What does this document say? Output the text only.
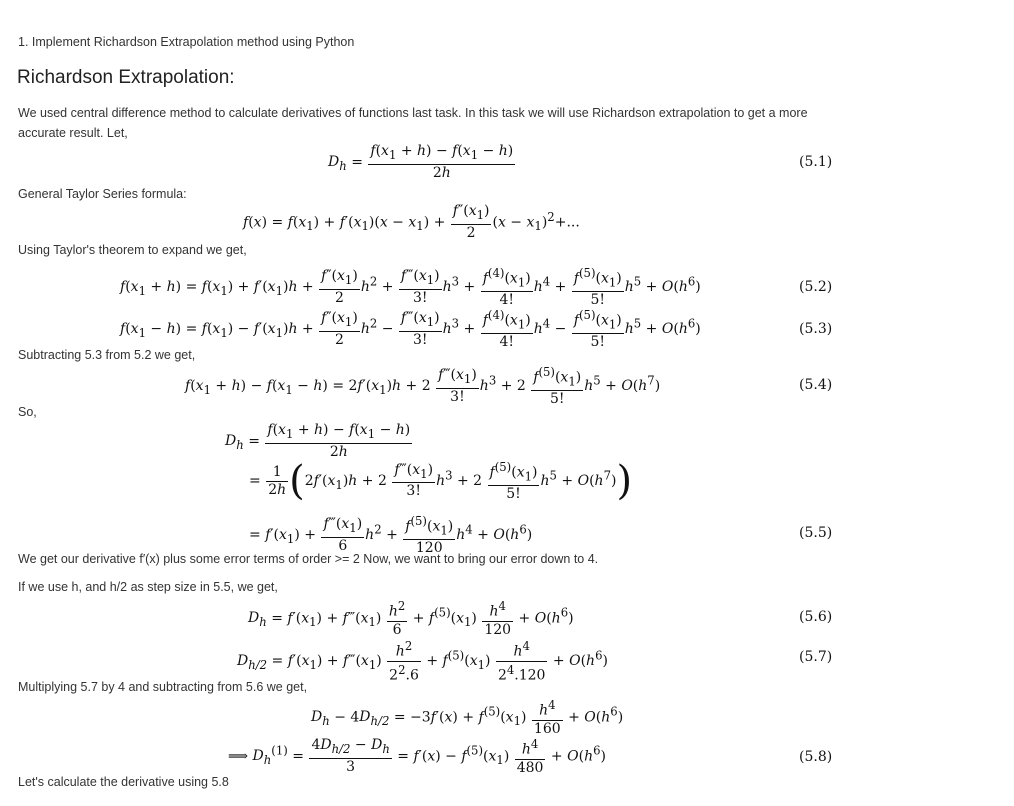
1. Implement Richardson Extrapolation method using Python
Richardson Extrapolation:
We used central difference method to calculate derivatives of functions last task. In this task we will use Richardson extrapolation to get a more accurate result. Let,
$D_h = \frac{f(x_1 + h) - f(x_1 - h)}{2h}$	(5.1)
General Taylor Series formula:
$f(x) = f(x_1) + f'(x_1)(x - x_1) + \frac{f''(x_1)}{2} (x - x_1)^2+$...
Using Taylor's theorem to expand we get,
$f(x_1 + h) = f(x_1) + f'(x_1)h + \frac{f''(x_1)}{2} h^2 + \frac{f‴(x_1)}{3!} h^3 + \frac{f^{(4)}(x_1)}{4!} h^4 + \frac{f^{(5)}(x_1)}{5!} h^5 + O(h^6)$	(5.2)
$f(x_1 - h) = f(x_1) - f'(x_1)h + \frac{f''(x_1)}{2} h^2 - \frac{f‴(x_1)}{3!} h^3 + \frac{f^{(4)}(x_1)}{4!} h^4 - \frac{f^{(5)}(x_1)}{5!} h^5 + O(h^6)$	(5.3)
Subtracting 5.3 from 5.2 we get,
$f(x_1 + h) - f(x_1 - h) = 2f'(x_1)h + 2 \frac{f‴(x_1)}{3!} h^3 + 2 \frac{f^{(5)}(x_1)}{5!} h^5 + O(h^7)$	(5.4)
So,
$D_h = \frac{f(x_1 + h) - f(x_1 - h)}{2h}$
= $\frac{1}{2h} (2f'(x_1)h + 2 \frac{f‴(x_1)}{3!} h^3 + 2 \frac{f^{(5)}(x_1)}{5!} h^5 + O(h^7))$
= $f'(x_1) + \frac{f‴(x_1)}{6} h^2 + \frac{f^{(5)}(x_1)}{120} h^4 + O(h^6)$	(5.5)
We get our derivative f′(x) plus some error terms of order >= 2 Now, we want to bring our error down to 4.
If we use h, and h/2 as step size in 5.5, we get,
$D_h = f'(x_1)$ + $f‴(x_1) \frac{h^2}{6} + f^{(5)}(x_1) \frac{h^4}{120} + O(h^6)$	(5.6)
$D_{h/2} = f'(x_1)$ + $f‴(x_1) \frac{h^2}{2^2.6} + f^{(5)}(x_1) \frac{h^4}{2^4.120} + O(h^6)$	(5.7)
Multiplying 5.7 by 4 and subtracting from 5.6 we get,
$D_h - 4D_{h/2} = -3f'(x) + f^{(5)}(x_1) \frac{h^4}{160} + O(h^6)$
⟹ $D_h^{(1)} = \frac{4D_{h/2} - D_h}{3} = f'(x) - f^{(5)}(x_1) \frac{h^4}{480} + O(h^6)$	(5.8)
Let's calculate the derivative using 5.8
